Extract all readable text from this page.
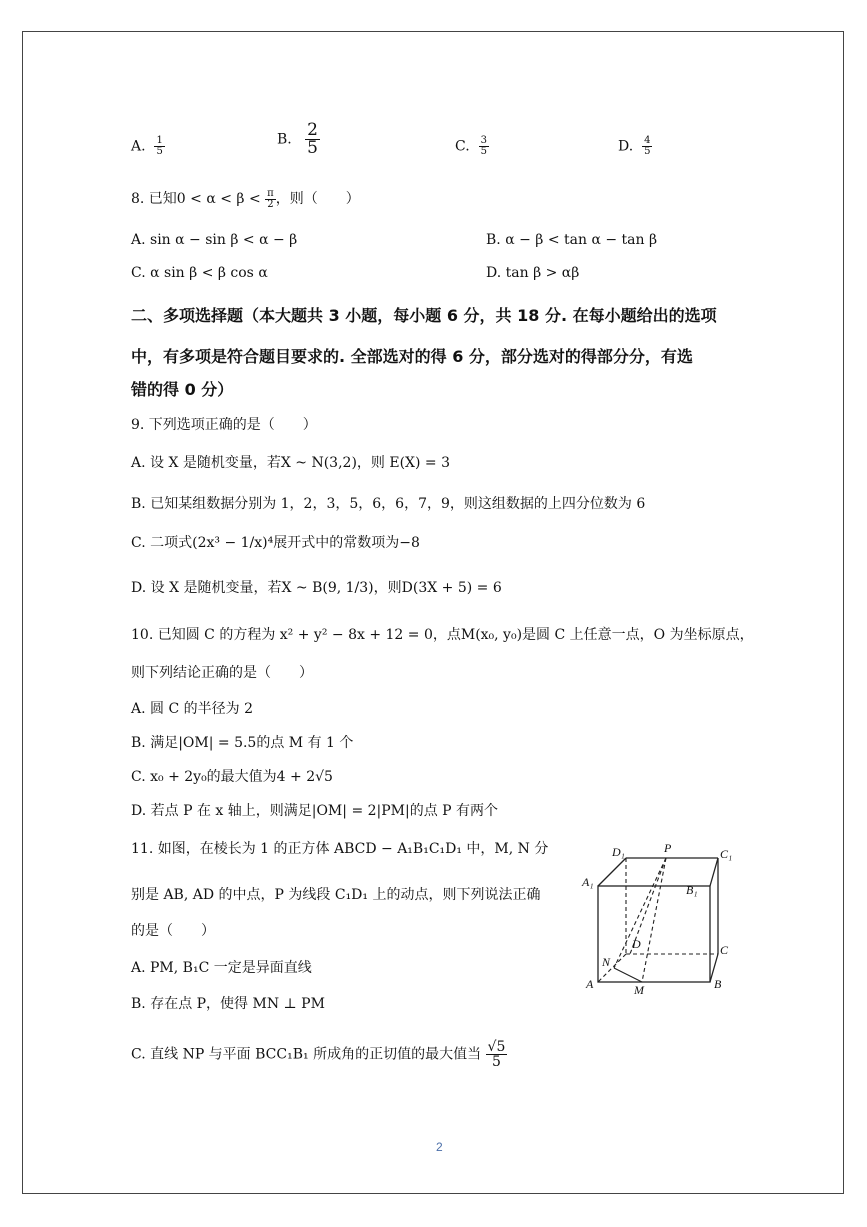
A. $\frac{1}{5}$	B. $\frac{2}{5}$	C. $\frac{3}{5}$	D. $\frac{4}{5}$
8. 已知$0 < \alpha < \beta < \frac{\pi}{2}$ ，则（　　）
A. sin α − sin β < α − β	B. α − β < tan α − tan β
C. α sin β < β cos α	D. tan β > αβ
二、多项选择题（本大题共 3 小题，每小题 6 分，共 18 分. 在每小题给出的选项
中，有多项是符合题目要求的. 全部选对的得 6 分，部分选对的得部分分，有选
错的得 0 分）
9. 下列选项正确的是（　　）
A. 设 X 是随机变量，若X ~ N(3,2)，则 E(X) = 3
B. 已知某组数据分别为 1，2，3，5，6，6，7，9，则这组数据的上四分位数为 6
C. 二项式(2x³ − 1/x)⁴展开式中的常数项为−8
D. 设 X 是随机变量，若X ~ B(9, 1/3)，则D(3X + 5) = 6
10. 已知圆 C 的方程为 x² + y² − 8x + 12 = 0，点M(x₀, y₀)是圆 C 上任意一点，O 为坐标原点，
则下列结论正确的是（　　）
A. 圆 C 的半径为 2
B. 满足|OM| = 5.5的点 M 有 1 个
C. x₀ + 2y₀的最大值为4 + 2√5
D. 若点 P 在 x 轴上，则满足|OM| = 2|PM|的点 P 有两个
11. 如图，在棱长为 1 的正方体 ABCD − A₁B₁C₁D₁ 中，M, N 分
别是 AB, AD 的中点，P 为线段 C₁D₁ 上的动点，则下列说法正确
的是（　　）
A. PM, B₁C 一定是异面直线
B. 存在点 P，使得 MN ⊥ PM
C. 直线 NP 与平面 BCC₁B₁ 所成角的正切值的最大值当 $\frac{√5}{5}$
D₁	P	C₁
A₁
B₁
D	C
N
A	M	B
2
